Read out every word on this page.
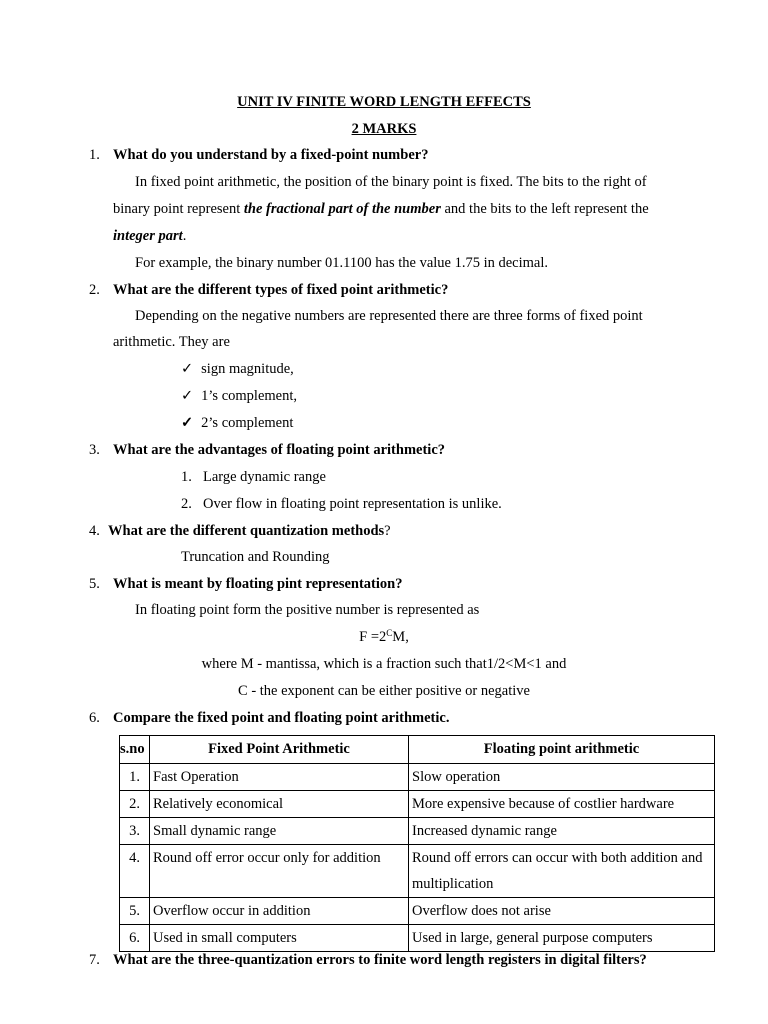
UNIT IV FINITE WORD LENGTH EFFECTS
2 MARKS
1. What do you understand by a fixed-point number?
In fixed point arithmetic, the position of the binary point is fixed. The bits to the right of
binary point represent the fractional part of the number and the bits to the left represent the
integer part.
For example, the binary number 01.1100 has the value 1.75 in decimal.
2. What are the different types of fixed point arithmetic?
Depending on the negative numbers are represented there are three forms of fixed point
arithmetic. They are
✓ sign magnitude,
✓ 1’s complement,
✓ 2’s complement
3. What are the advantages of floating point arithmetic?
1. Large dynamic range
2. Over flow in floating point representation is unlike.
4. What are the different quantization methods?
Truncation and Rounding
5. What is meant by floating pint representation?
In floating point form the positive number is represented as
$F =2^CM$,
where M - mantissa, which is a fraction such that1/2<M<1 and
C - the exponent can be either positive or negative
6. Compare the fixed point and floating point arithmetic.
s.no	Fixed Point Arithmetic	Floating point arithmetic
1.	Fast Operation	Slow operation
2.	Relatively economical	More expensive because of costlier hardware
3.	Small dynamic range	Increased dynamic range
4.	Round off error occur only for addition	Round off errors can occur with both addition and
multiplication

5.	Overflow occur in addition	Overflow does not arise
6.	Used in small computers	Used in large, general purpose computers
7. What are the three-quantization errors to finite word length registers in digital filters?
